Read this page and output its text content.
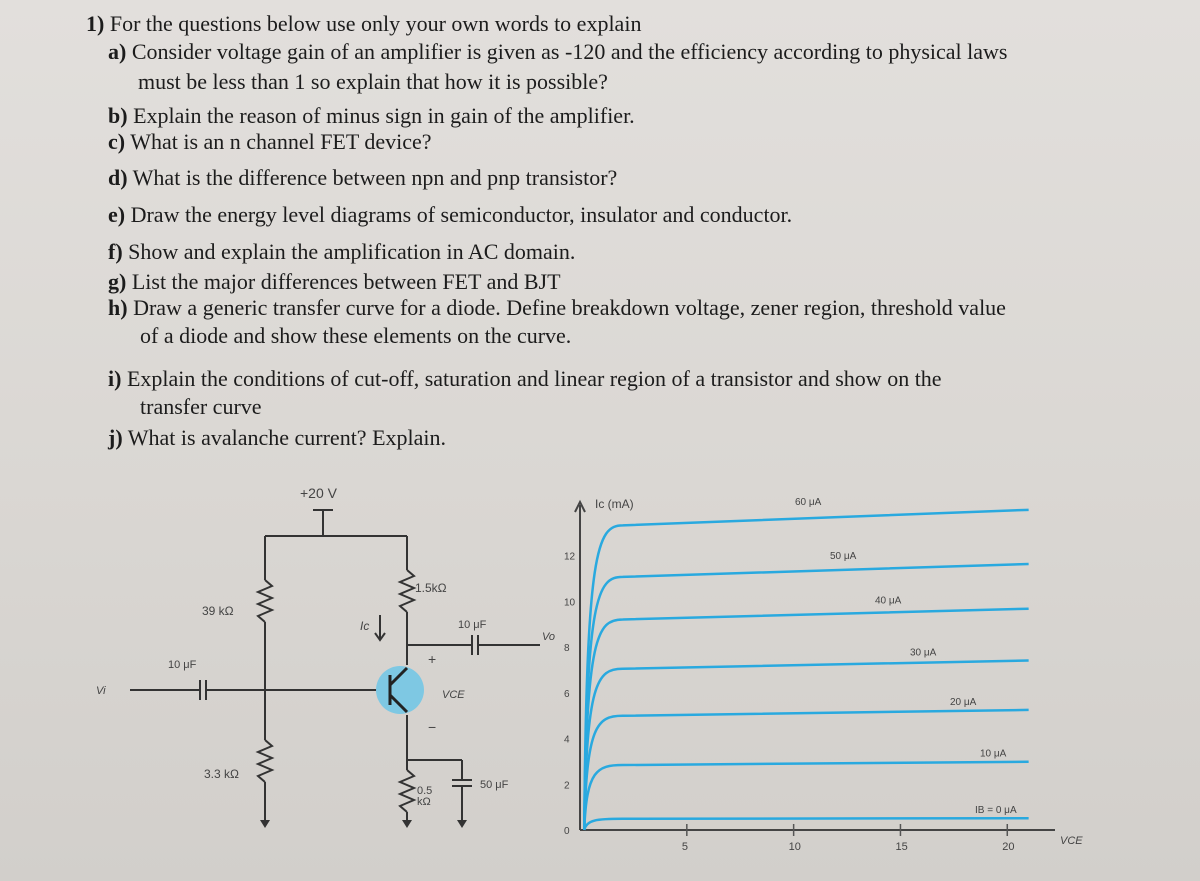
1) For the questions below use only your own words to explain
a) Consider voltage gain of an amplifier is given as -120 and the efficiency according to physical laws
must be less than 1 so explain that how it is possible?
b) Explain the reason of minus sign in gain of the amplifier.
c) What is an n channel FET device?
d) What is the difference between npn and pnp transistor?
e) Draw the energy level diagrams of semiconductor, insulator and conductor.
f) Show and explain the amplification in AC domain.
g) List the major differences between FET and BJT
h) Draw a generic transfer curve for a diode. Define breakdown voltage, zener region, threshold value
of a diode and show these elements on the curve.
i) Explain the conditions of cut-off, saturation and linear region of a transistor and show on the
transfer curve
j) What is avalanche current? Explain.
+20 V
1.5kΩ
39 kΩ
3.3 kΩ
0.5
kΩ
10 μF
10 μF
50 μF
Ic
VCE
Vi
Vo
+
−
5	10	15	20
0
2
4
6
8
10
12
60 μA
50 μA
40 μA
30 μA
20 μA
10 μA
IB = 0 μA
Ic (mA)
VCE
